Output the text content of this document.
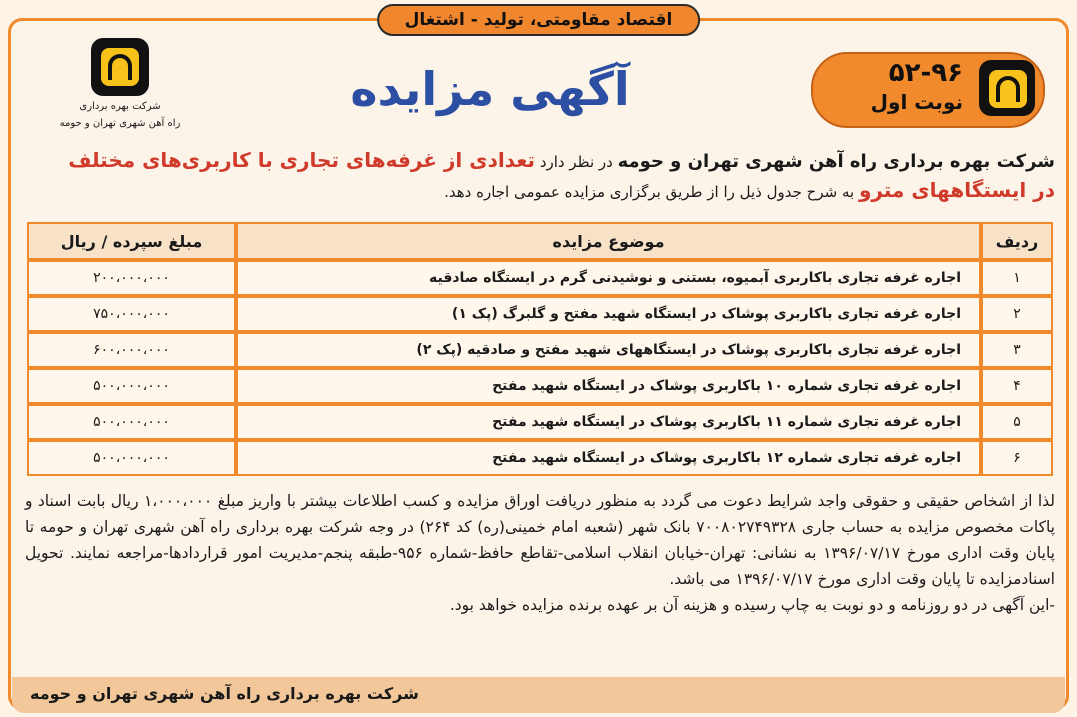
اقتصاد مقاومتی، تولید - اشتغال
شرکت بهره برداری
راه آهن شهری تهران و حومه
آگهی مزایده	۵۲-۹۶
نوبت اول
شرکت بهره برداری راه آهن شهری تهران و حومه در نظر دارد تعدادی از غرفه‌های تجاری با کاربری‌های مختلف
در ایستگاههای مترو به شرح جدول ذیل را از طریق برگزاری مزایده عمومی اجاره دهد.
ردیف	موضوع مزایده	مبلغ سپرده / ریال
۱	اجاره غرفه تجاری باکاربری آبمیوه، بستنی و نوشیدنی گرم در ایستگاه صادقیه	۲۰۰،۰۰۰،۰۰۰
۲	اجاره غرفه تجاری باکاربری پوشاک در ایستگاه شهید مفتح و گلبرگ (پک ۱)	۷۵۰،۰۰۰،۰۰۰
۳	اجاره غرفه تجاری باکاربری پوشاک در ایستگاههای شهید مفتح و صادقیه (پک ۲)	۶۰۰،۰۰۰،۰۰۰
۴	اجاره غرفه تجاری شماره ۱۰ باکاربری پوشاک در ایستگاه شهید مفتح	۵۰۰،۰۰۰،۰۰۰
۵	اجاره غرفه تجاری شماره ۱۱ باکاربری پوشاک در ایستگاه شهید مفتح	۵۰۰،۰۰۰،۰۰۰
۶	اجاره غرفه تجاری شماره ۱۲ باکاربری پوشاک در ایستگاه شهید مفتح	۵۰۰،۰۰۰،۰۰۰
لذا از اشخاص حقیقی و حقوقی واجد شرایط دعوت می گردد به منظور دریافت اوراق مزایده و کسب اطلاعات بیشتر با واریز مبلغ ۱،۰۰۰،۰۰۰ ریال بابت اسناد و پاکات مخصوص مزایده به حساب جاری ۷۰۰۸۰۲۷۴۹۳۲۸ بانک شهر (شعبه امام خمینی(ره) کد ۲۶۴) در وجه شرکت بهره برداری راه آهن شهری تهران و حومه تا پایان وقت اداری مورخ ۱۳۹۶/۰۷/۱۷ به نشانی: تهران-خیابان انقلاب اسلامی-تقاطع حافظ-شماره ۹۵۶-طبقه پنجم-مدیریت امور قراردادها-مراجعه نمایند. تحویل اسنادمزایده تا پایان وقت اداری مورخ ۱۳۹۶/۰۷/۱۷ می باشد.
-این آگهی در دو روزنامه و دو نوبت به چاپ رسیده و هزینه آن بر عهده برنده مزایده خواهد بود.
شرکت بهره برداری راه آهن شهری تهران و حومه
